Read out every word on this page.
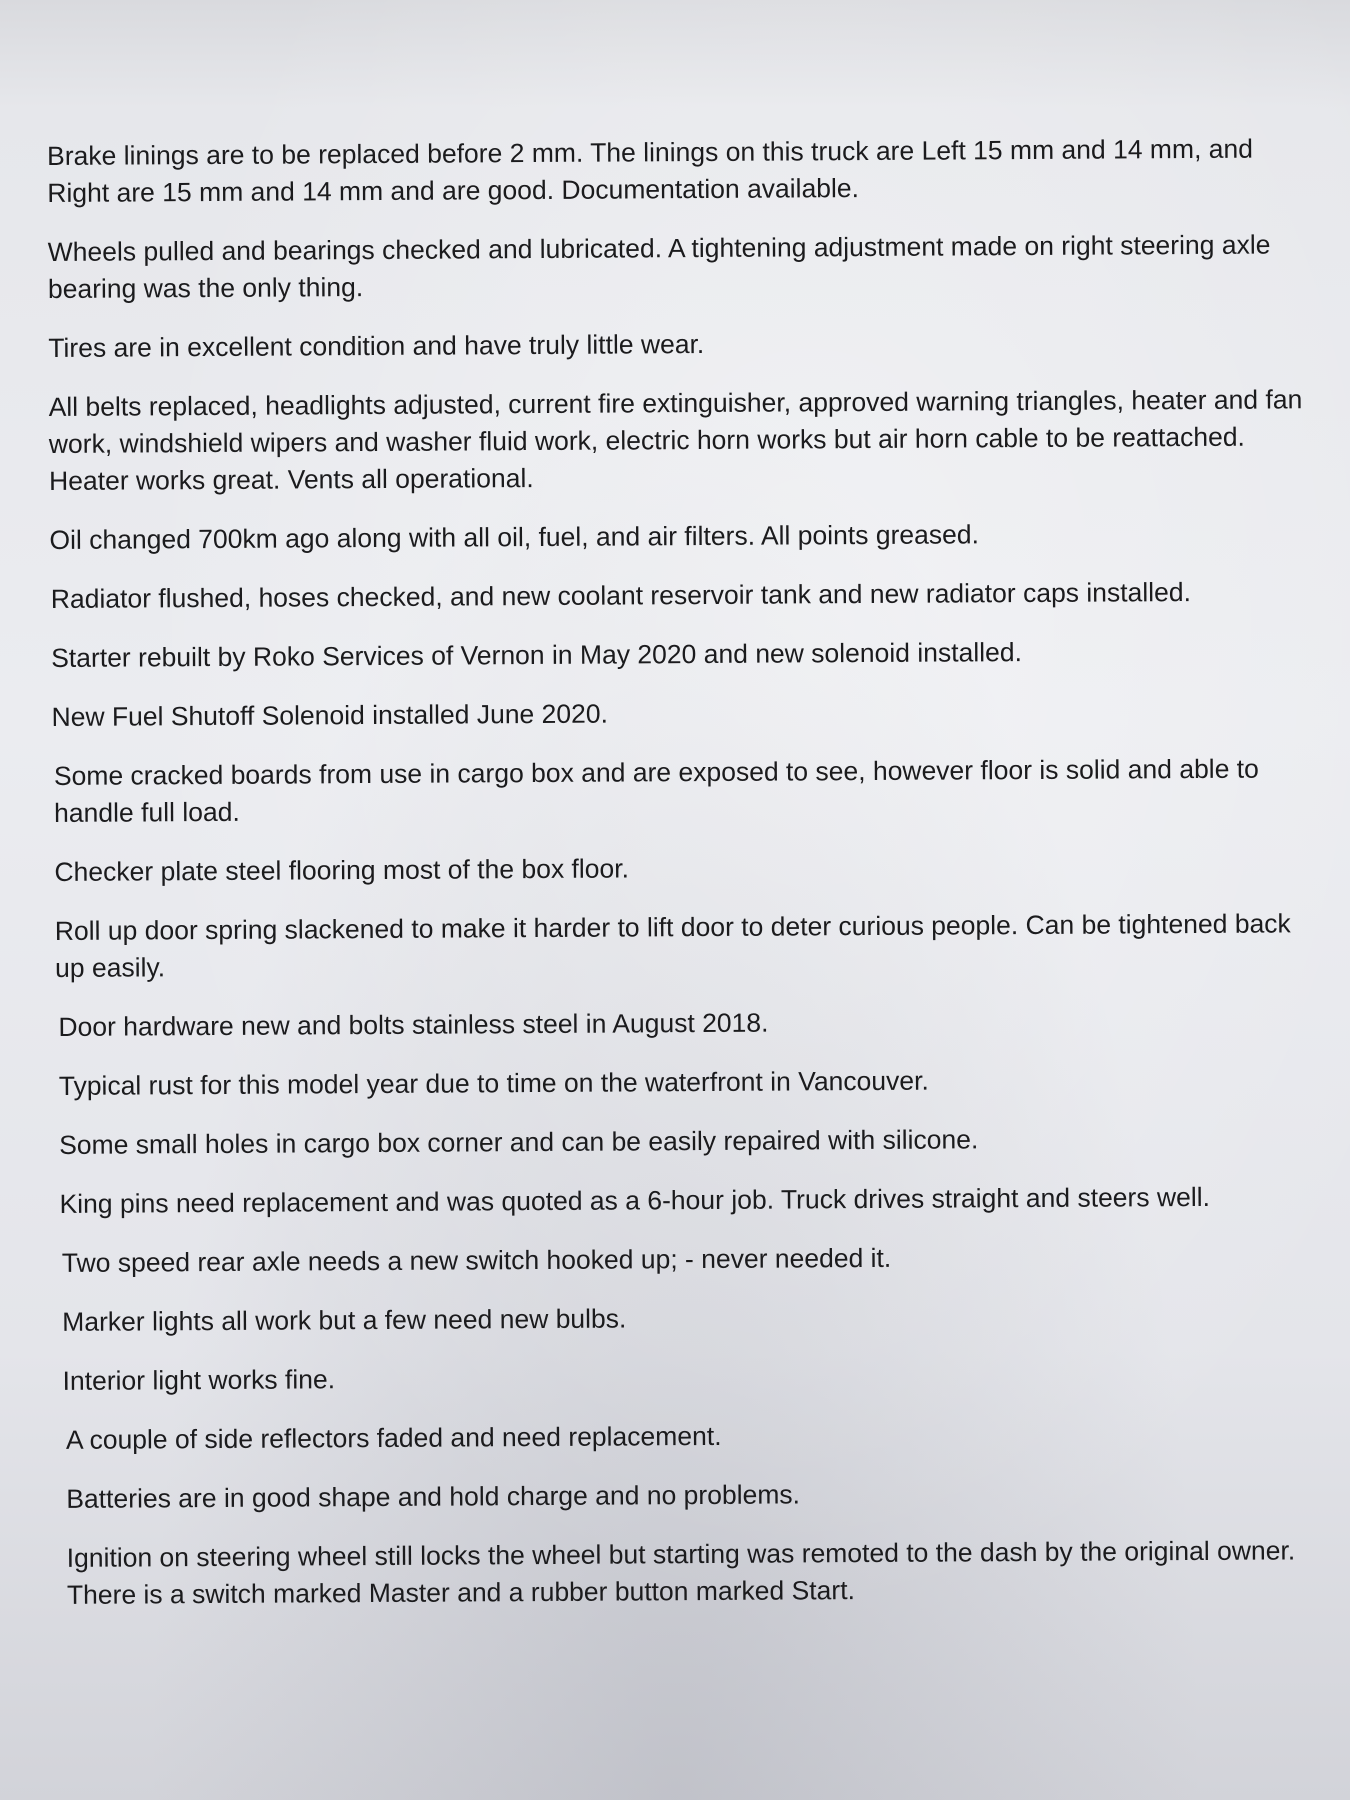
Brake linings are to be replaced before 2 mm. The linings on this truck are Left 15 mm and 14 mm, and Right are 15 mm and 14 mm and are good. Documentation available.

Wheels pulled and bearings checked and lubricated. A tightening adjustment made on right steering axle bearing was the only thing.

Tires are in excellent condition and have truly little wear.

All belts replaced, headlights adjusted, current fire extinguisher, approved warning triangles, heater and fan work, windshield wipers and washer fluid work, electric horn works but air horn cable to be reattached. Heater works great. Vents all operational.

Oil changed 700km ago along with all oil, fuel, and air filters. All points greased.

Radiator flushed, hoses checked, and new coolant reservoir tank and new radiator caps installed.

Starter rebuilt by Roko Services of Vernon in May 2020 and new solenoid installed.

New Fuel Shutoff Solenoid installed June 2020.

Some cracked boards from use in cargo box and are exposed to see, however floor is solid and able to handle full load.

Checker plate steel flooring most of the box floor.

Roll up door spring slackened to make it harder to lift door to deter curious people. Can be tightened back up easily.

Door hardware new and bolts stainless steel in August 2018.

Typical rust for this model year due to time on the waterfront in Vancouver.

Some small holes in cargo box corner and can be easily repaired with silicone.

King pins need replacement and was quoted as a 6-hour job. Truck drives straight and steers well.

Two speed rear axle needs a new switch hooked up; - never needed it.

Marker lights all work but a few need new bulbs.

Interior light works fine.

A couple of side reflectors faded and need replacement.

Batteries are in good shape and hold charge and no problems.

Ignition on steering wheel still locks the wheel but starting was remoted to the dash by the original owner. There is a switch marked Master and a rubber button marked Start.
